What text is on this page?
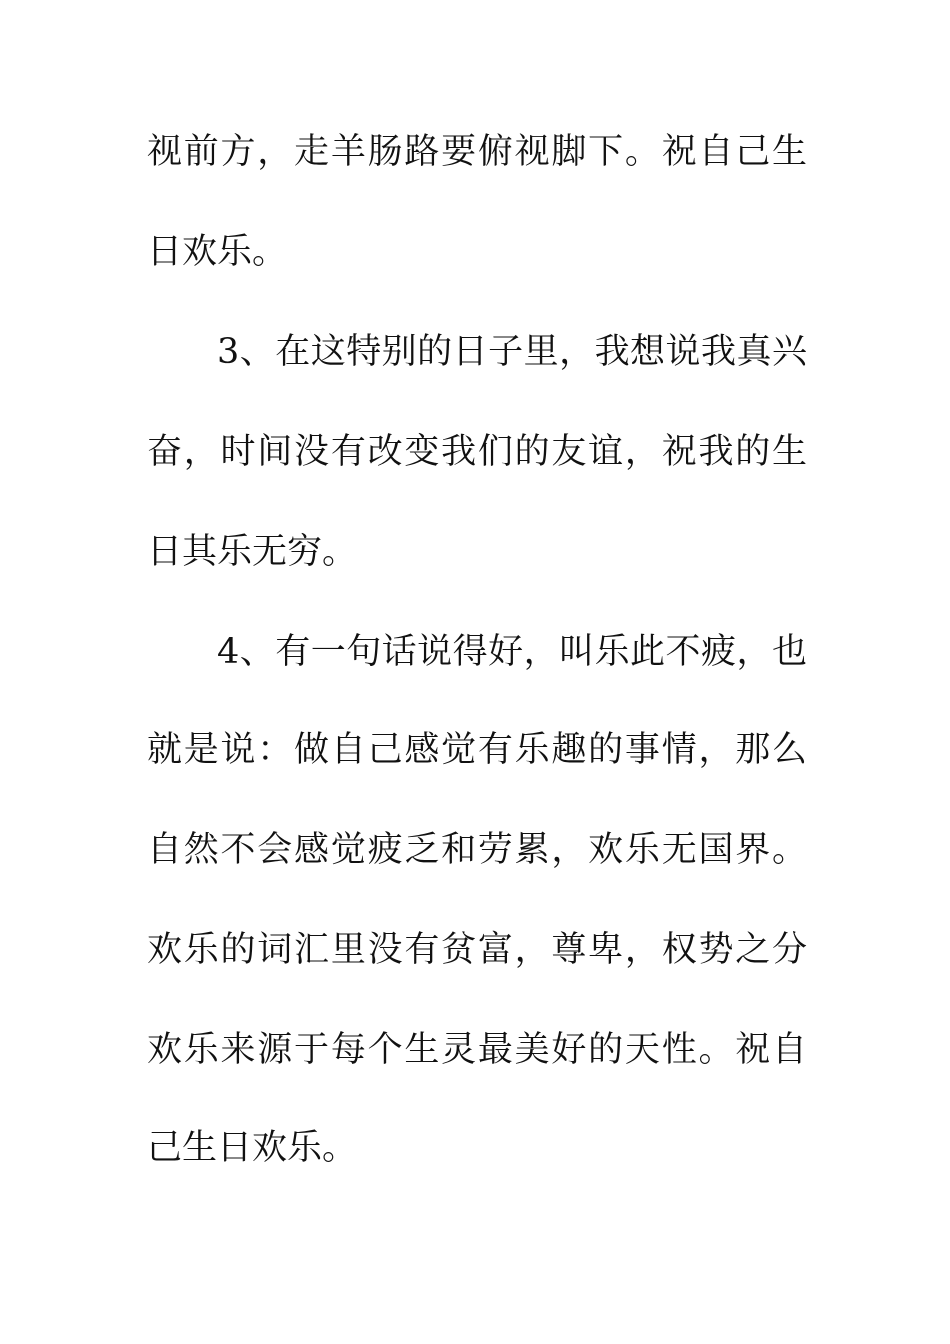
视前方，走羊肠路要俯视脚下。祝自己生
日欢乐。
3、在这特别的日子里，我想说我真兴
奋，时间没有改变我们的友谊，祝我的生
日其乐无穷。
4、有一句话说得好，叫乐此不疲，也
就是说：做自己感觉有乐趣的事情，那么
自然不会感觉疲乏和劳累，欢乐无国界。
欢乐的词汇里没有贫富，尊卑，权势之分
欢乐来源于每个生灵最美好的天性。祝自
己生日欢乐。
